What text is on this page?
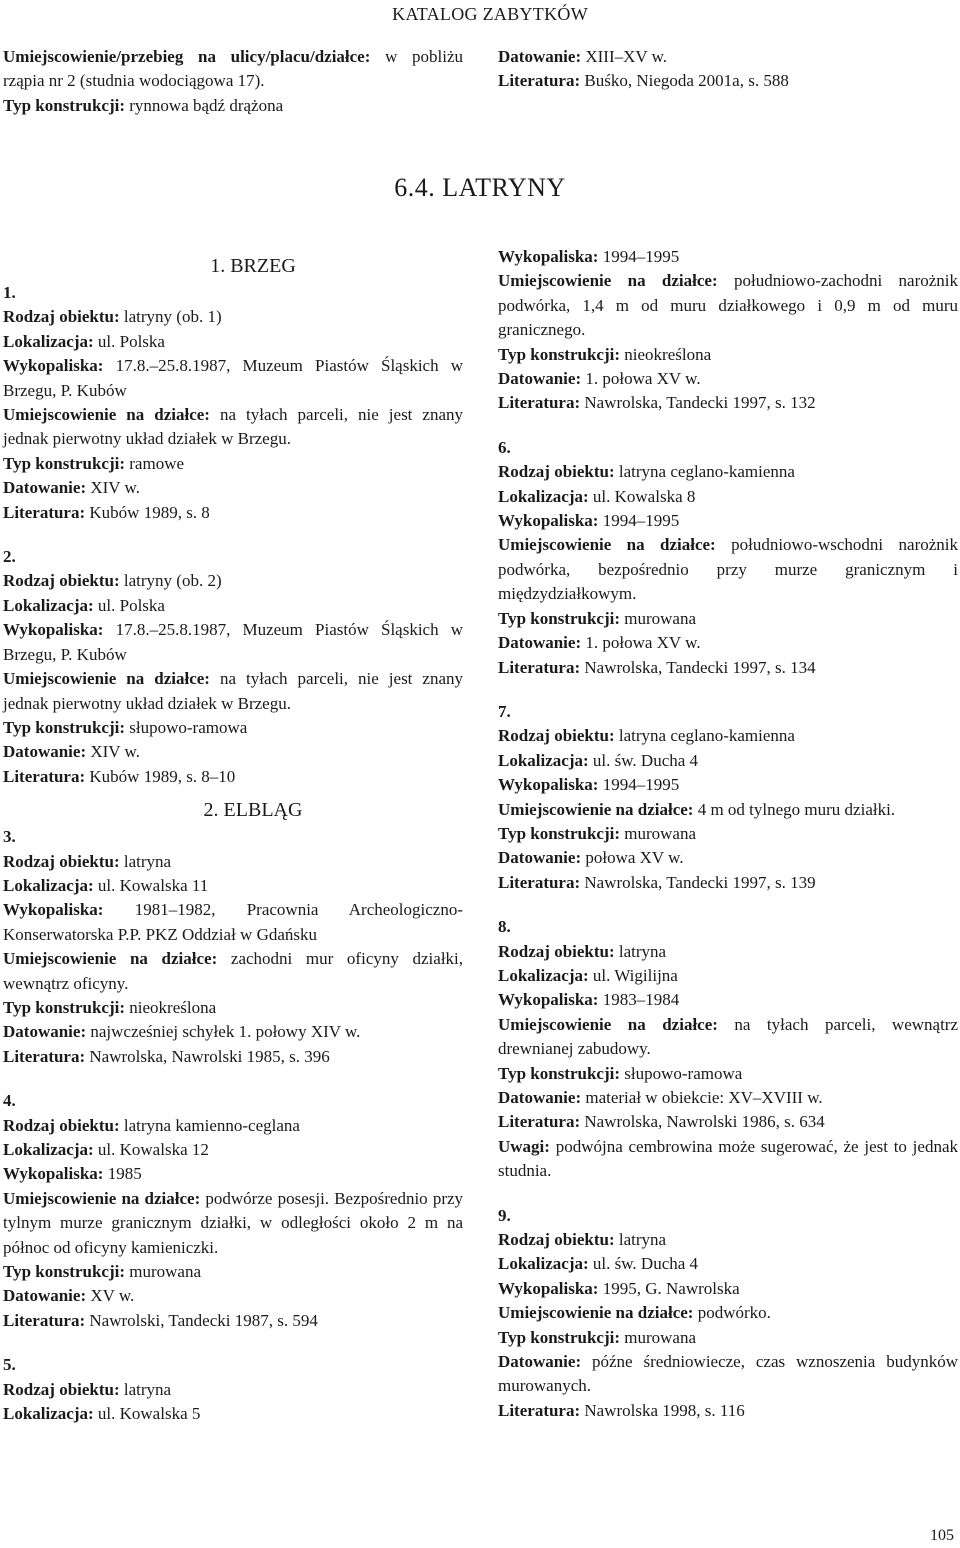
KATALOG ZABYTKÓW
Umiejscowienie/przebieg na ulicy/placu/działce: w pobliżu rząpia nr 2 (studnia wodociągowa 17).
Typ konstrukcji: rynnowa bądź drążona
Datowanie: XIII–XV w.
Literatura: Buśko, Niegoda 2001a, s. 588
6.4. LATRYNY
1. BRZEG
1.
Rodzaj obiektu: latryny (ob. 1)
Lokalizacja: ul. Polska
Wykopaliska: 17.8.–25.8.1987, Muzeum Piastów Śląskich w Brzegu, P. Kubów
Umiejscowienie na działce: na tyłach parceli, nie jest znany jednak pierwotny układ działek w Brzegu.
Typ konstrukcji: ramowe
Datowanie: XIV w.
Literatura: Kubów 1989, s. 8
2.
Rodzaj obiektu: latryny (ob. 2)
Lokalizacja: ul. Polska
Wykopaliska: 17.8.–25.8.1987, Muzeum Piastów Śląskich w Brzegu, P. Kubów
Umiejscowienie na działce: na tyłach parceli, nie jest znany jednak pierwotny układ działek w Brzegu.
Typ konstrukcji: słupowo-ramowa
Datowanie: XIV w.
Literatura: Kubów 1989, s. 8–10
2. ELBLĄG
3.
Rodzaj obiektu: latryna
Lokalizacja: ul. Kowalska 11
Wykopaliska: 1981–1982, Pracownia Archeologiczno-Konserwatorska P.P. PKZ Oddział w Gdańsku
Umiejscowienie na działce: zachodni mur oficyny działki, wewnątrz oficyny.
Typ konstrukcji: nieokreślona
Datowanie: najwcześniej schyłek 1. połowy XIV w.
Literatura: Nawrolska, Nawrolski 1985, s. 396
4.
Rodzaj obiektu: latryna kamienno-ceglana
Lokalizacja: ul. Kowalska 12
Wykopaliska: 1985
Umiejscowienie na działce: podwórze posesji. Bezpośrednio przy tylnym murze granicznym działki, w odległości około 2 m na północ od oficyny kamieniczki.
Typ konstrukcji: murowana
Datowanie: XV w.
Literatura: Nawrolski, Tandecki 1987, s. 594
5.
Rodzaj obiektu: latryna
Lokalizacja: ul. Kowalska 5
Wykopaliska: 1994–1995
Umiejscowienie na działce: południowo-zachodni narożnik podwórka, 1,4 m od muru działkowego i 0,9 m od muru granicznego.
Typ konstrukcji: nieokreślona
Datowanie: 1. połowa XV w.
Literatura: Nawrolska, Tandecki 1997, s. 132
6.
Rodzaj obiektu: latryna ceglano-kamienna
Lokalizacja: ul. Kowalska 8
Wykopaliska: 1994–1995
Umiejscowienie na działce: południowo-wschodni narożnik podwórka, bezpośrednio przy murze granicznym i międzydziałkowym.
Typ konstrukcji: murowana
Datowanie: 1. połowa XV w.
Literatura: Nawrolska, Tandecki 1997, s. 134
7.
Rodzaj obiektu: latryna ceglano-kamienna
Lokalizacja: ul. św. Ducha 4
Wykopaliska: 1994–1995
Umiejscowienie na działce: 4 m od tylnego muru działki.
Typ konstrukcji: murowana
Datowanie: połowa XV w.
Literatura: Nawrolska, Tandecki 1997, s. 139
8.
Rodzaj obiektu: latryna
Lokalizacja: ul. Wigilijna
Wykopaliska: 1983–1984
Umiejscowienie na działce: na tyłach parceli, wewnątrz drewnianej zabudowy.
Typ konstrukcji: słupowo-ramowa
Datowanie: materiał w obiekcie: XV–XVIII w.
Literatura: Nawrolska, Nawrolski 1986, s. 634
Uwagi: podwójna cembrowina może sugerować, że jest to jednak studnia.
9.
Rodzaj obiektu: latryna
Lokalizacja: ul. św. Ducha 4
Wykopaliska: 1995, G. Nawrolska
Umiejscowienie na działce: podwórko.
Typ konstrukcji: murowana
Datowanie: późne średniowiecze, czas wznoszenia budynków murowanych.
Literatura: Nawrolska 1998, s. 116
105
